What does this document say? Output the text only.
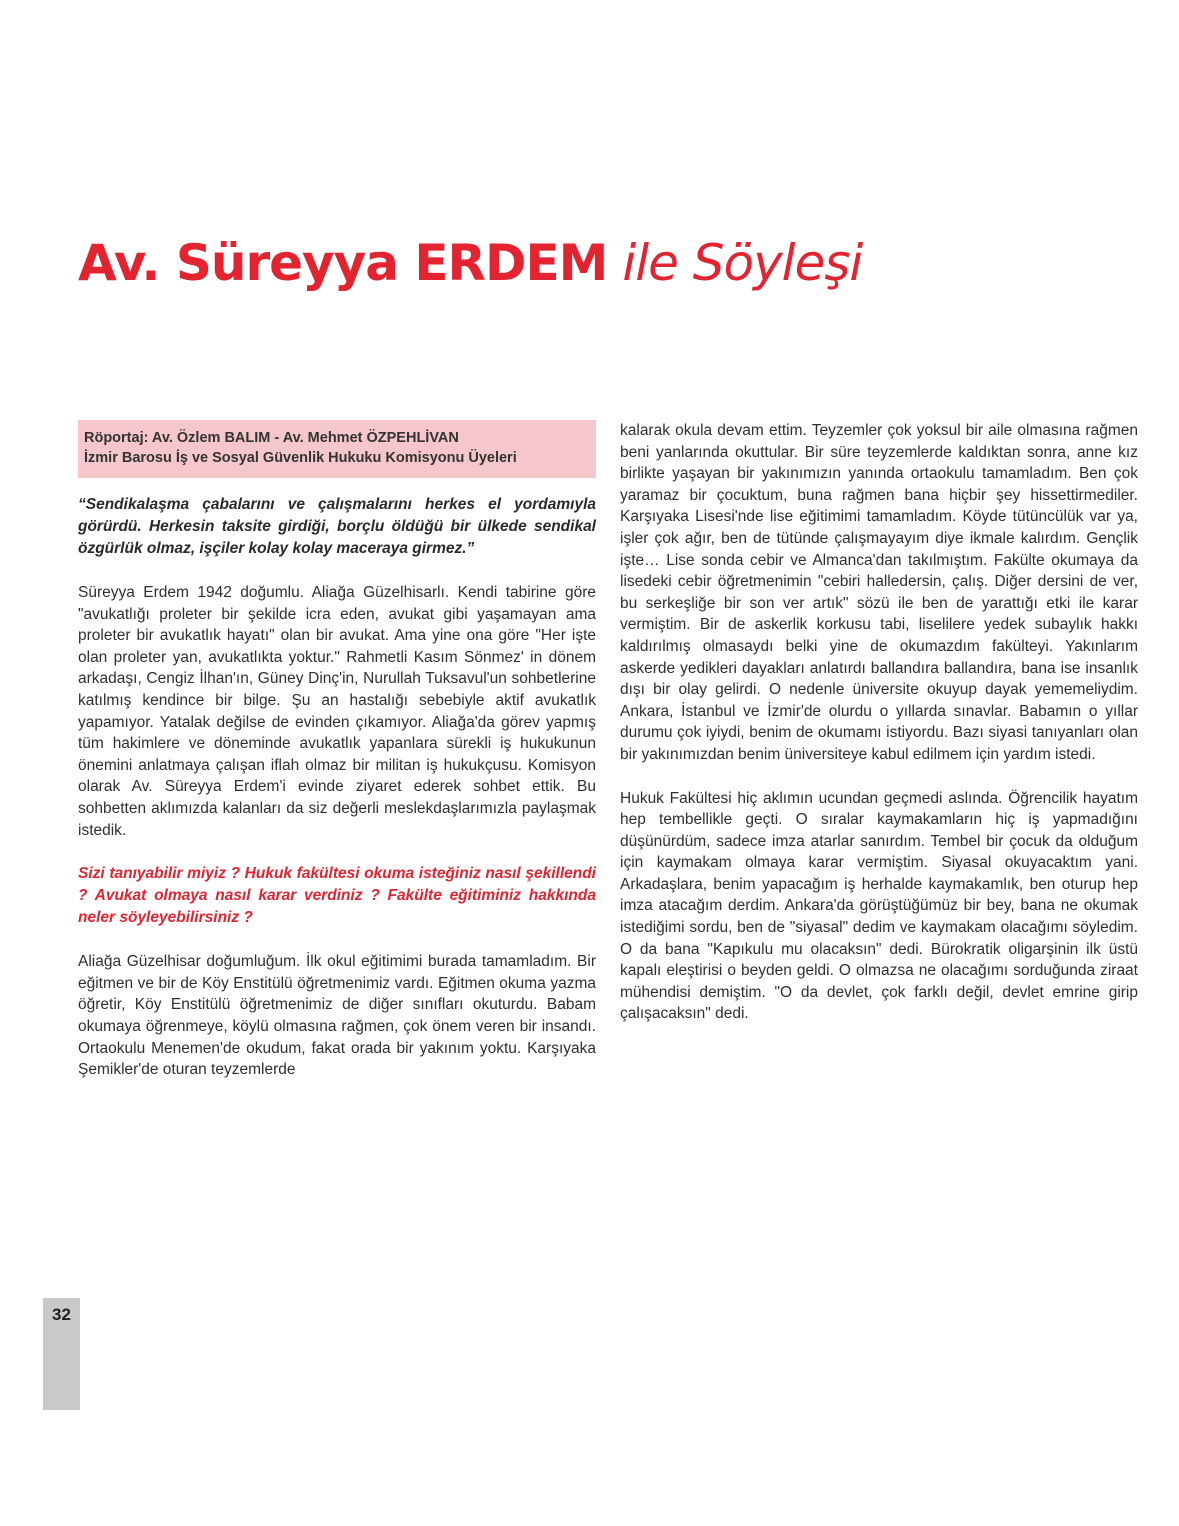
Av. Süreyya ERDEM ile Söyleşi
Röportaj: Av. Özlem BALIM - Av. Mehmet ÖZPEHLİVAN
İzmir Barosu İş ve Sosyal Güvenlik Hukuku Komisyonu Üyeleri
“Sendikalaşma çabalarını ve çalışmalarını herkes el yordamıyla görürdü. Herkesin taksite girdiği, borçlu öldüğü bir ülkede sendikal özgürlük olmaz, işçiler kolay kolay maceraya girmez.”
Süreyya Erdem 1942 doğumlu. Aliağa Güzelhisarlı. Kendi tabirine göre "avukatlığı proleter bir şekilde icra eden, avukat gibi yaşamayan ama proleter bir avukatlık hayatı" olan bir avukat. Ama yine ona göre "Her işte olan proleter yan, avukatlıkta yoktur." Rahmetli Kasım Sönmez' in dönem arkadaşı, Cengiz İlhan'ın, Güney Dinç'in, Nurullah Tuksavul'un sohbetlerine katılmış kendince bir bilge. Şu an hastalığı sebebiyle aktif avukatlık yapamıyor. Yatalak değilse de evinden çıkamıyor. Aliağa'da görev yapmış tüm hakimlere ve döneminde avukatlık yapanlara sürekli iş hukukunun önemini anlatmaya çalışan iflah olmaz bir militan iş hukukçusu. Komisyon olarak Av. Süreyya Erdem'i evinde ziyaret ederek sohbet ettik. Bu sohbetten aklımızda kalanları da siz değerli meslekdaşlarımızla paylaşmak istedik.
Sizi tanıyabilir miyiz ? Hukuk fakültesi okuma isteğiniz nasıl şekillendi ? Avukat olmaya nasıl karar verdiniz ? Fakülte eğitiminiz hakkında neler söyleyebilirsiniz ?
Aliağa Güzelhisar doğumluğum. İlk okul eğitimimi burada tamamladım. Bir eğitmen ve bir de Köy Enstitülü öğretmenimiz vardı. Eğitmen okuma yazma öğretir, Köy Enstitülü öğretmenimiz de diğer sınıfları okuturdu. Babam okumaya öğrenmeye, köylü olmasına rağmen, çok önem veren bir insandı. Ortaokulu Menemen'de okudum, fakat orada bir yakınım yoktu. Karşıyaka Şemikler'de oturan teyzemlerde
kalarak okula devam ettim. Teyzemler çok yoksul bir aile olmasına rağmen beni yanlarında okuttular. Bir süre teyzemlerde kaldıktan sonra, anne kız birlikte yaşayan bir yakınımızın yanında ortaokulu tamamladım. Ben çok yaramaz bir çocuktum, buna rağmen bana hiçbir şey hissettirmediler. Karşıyaka Lisesi'nde lise eğitimimi tamamladım. Köyde tütüncülük var ya, işler çok ağır, ben de tütünde çalışmayayım diye ikmale kalırdım. Gençlik işte… Lise sonda cebir ve Almanca'dan takılmıştım. Fakülte okumaya da lisedeki cebir öğretmenimin "cebiri halledersin, çalış. Diğer dersini de ver, bu serkeşliğe bir son ver artık" sözü ile ben de yarattığı etki ile karar vermiştim. Bir de askerlik korkusu tabi, liselilere yedek subaylık hakkı kaldırılmış olmasaydı belki yine de okumazdım fakülteyi. Yakınlarım askerde yedikleri dayakları anlatırdı ballandıra ballandıra, bana ise insanlık dışı bir olay gelirdi. O nedenle üniversite okuyup dayak yememeliydim. Ankara, İstanbul ve İzmir'de olurdu o yıllarda sınavlar. Babamın o yıllar durumu çok iyiydi, benim de okumamı istiyordu. Bazı siyasi tanıyanları olan bir yakınımızdan benim üniversiteye kabul edilmem için yardım istedi.
Hukuk Fakültesi hiç aklımın ucundan geçmedi aslında. Öğrencilik hayatım hep tembellikle geçti. O sıralar kaymakamların hiç iş yapmadığını düşünürdüm, sadece imza atarlar sanırdım. Tembel bir çocuk da olduğum için kaymakam olmaya karar vermiştim. Siyasal okuyacaktım yani. Arkadaşlara, benim yapacağım iş herhalde kaymakamlık, ben oturup hep imza atacağım derdim. Ankara'da görüştüğümüz bir bey, bana ne okumak istediğimi sordu, ben de "siyasal" dedim ve kaymakam olacağımı söyledim. O da bana "Kapıkulu mu olacaksın" dedi. Bürokratik oligarşinin ilk üstü kapalı eleştirisi o beyden geldi. O olmazsa ne olacağımı sorduğunda ziraat mühendisi demiştim. "O da devlet, çok farklı değil, devlet emrine girip çalışacaksın" dedi.
32
